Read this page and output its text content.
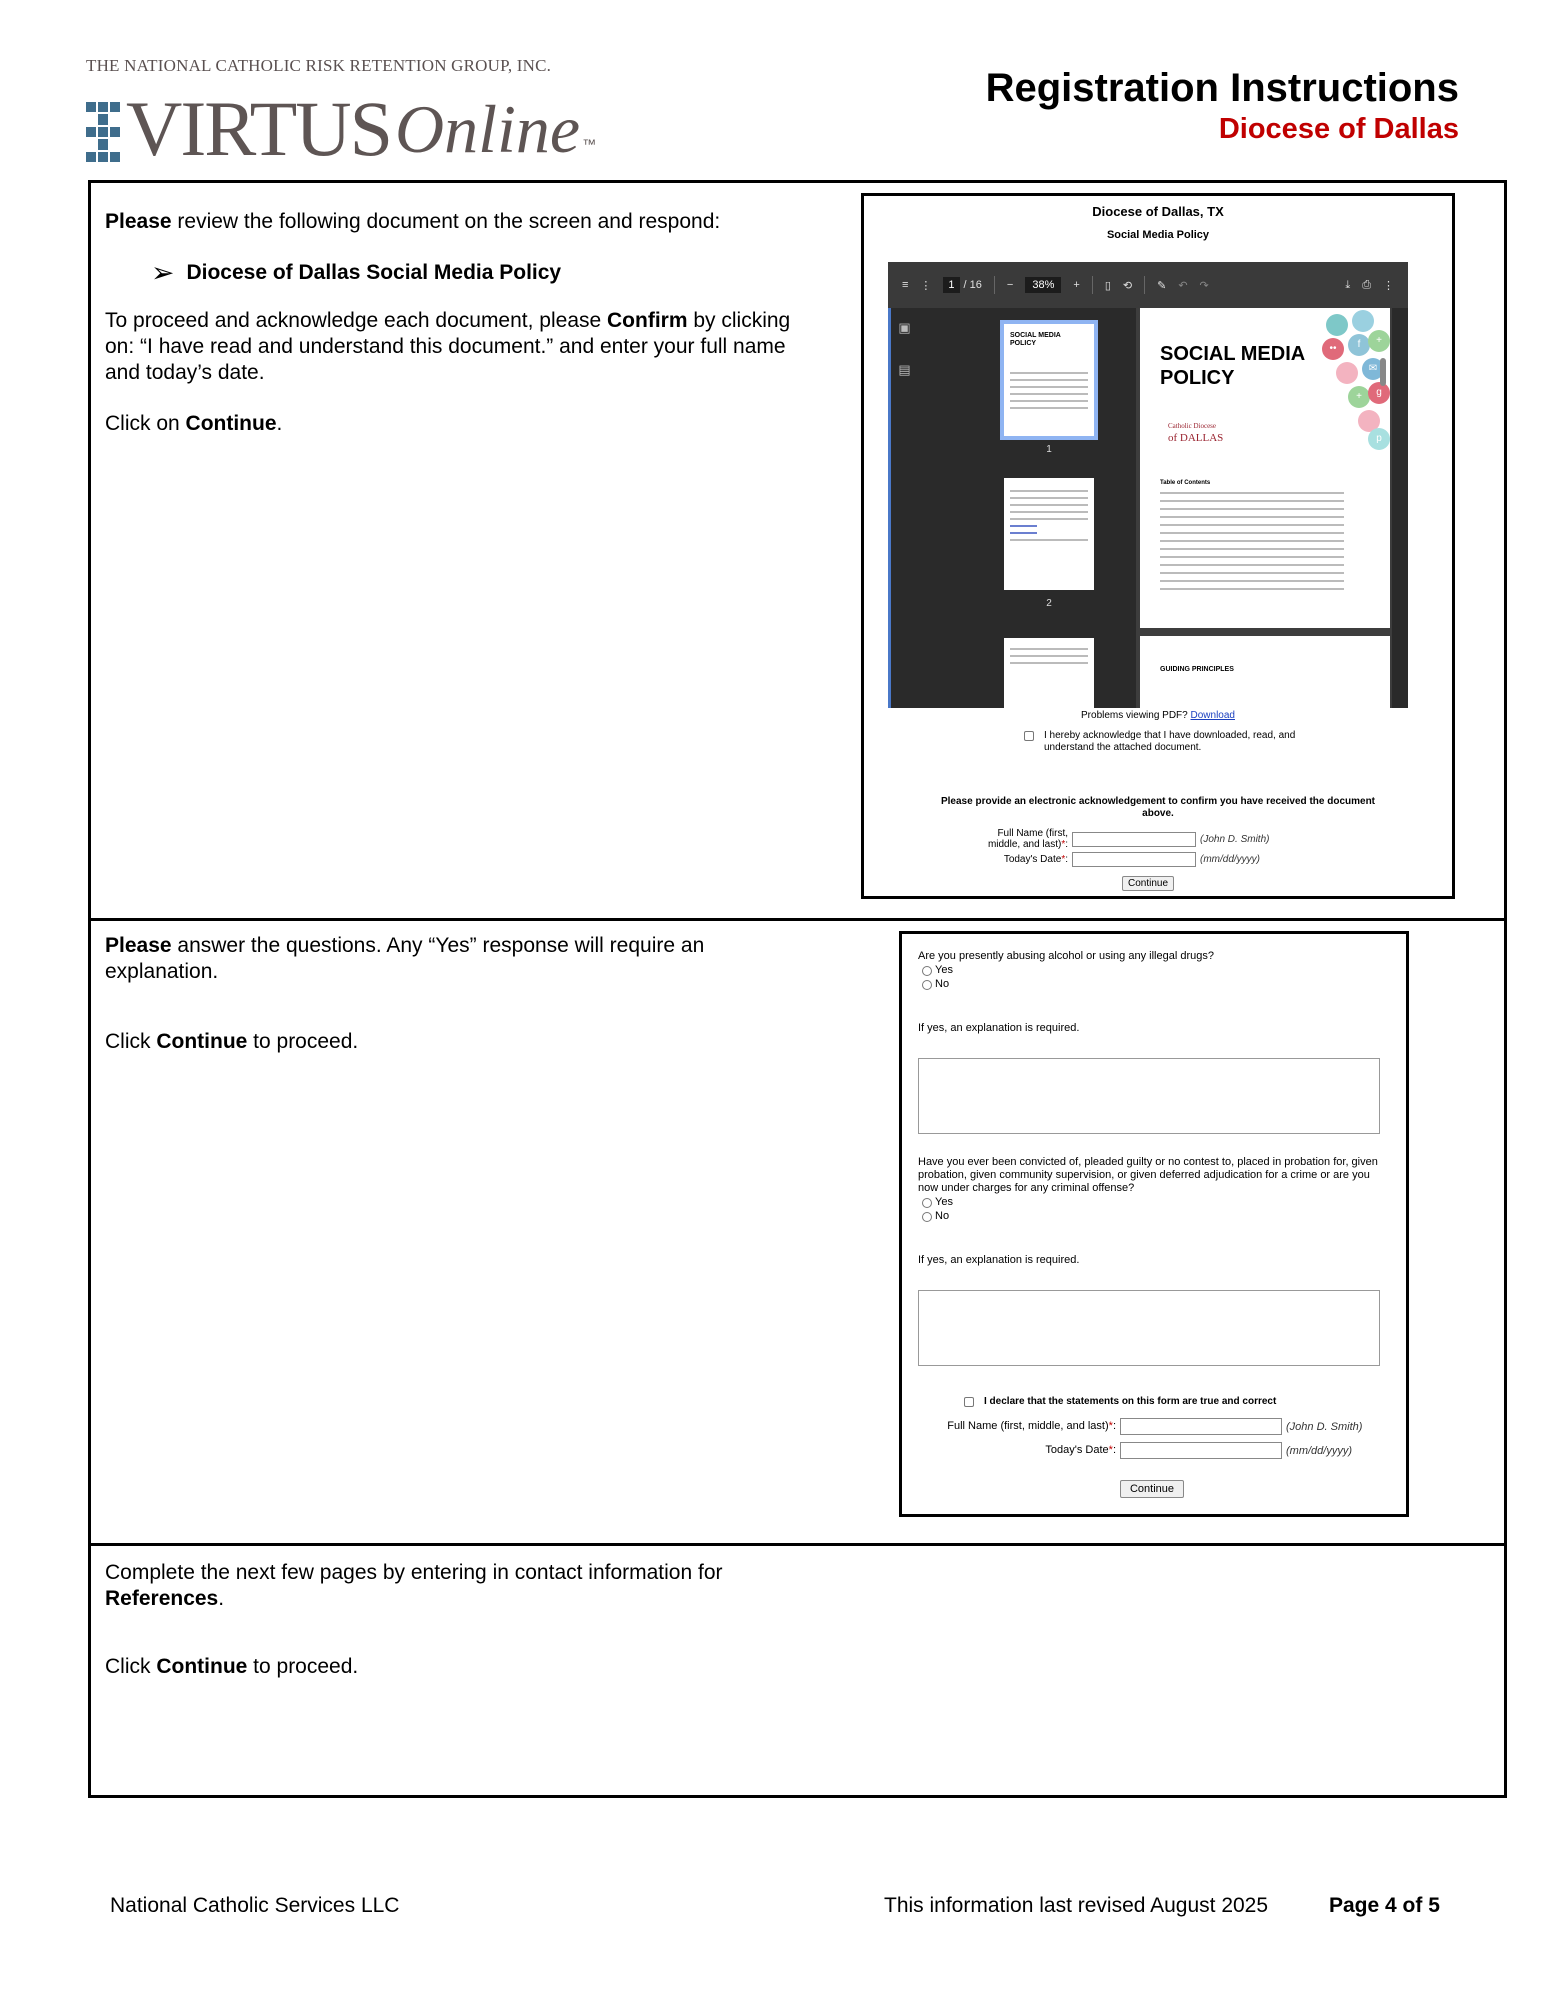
THE NATIONAL CATHOLIC RISK RETENTION GROUP, INC.
VIRTUS Online ™
Registration Instructions
Diocese of Dallas

Please review the following document on the screen and respond:

➢ Diocese of Dallas Social Media Policy

To proceed and acknowledge each document, please Confirm by clicking on: “I have read and understand this document.” and enter your full name and today’s date.

Click on Continue.

Diocese of Dallas, TX
Social Media Policy
≡ ⋮	1 / 16 −	38%	+ ▯ ⟲ ✎ ↶ ↷	⤓ ⎙ ⋮
▣
▤
SOCIAL MEDIA POLICY
1
2
••	f	+
✉
+	g
p
SOCIAL MEDIA
POLICY
Catholic Diocese
of DALLAS
Table of Contents
GUIDING PRINCIPLES
Problems viewing PDF? Download
I hereby acknowledge that I have downloaded, read, and understand the attached document.
Please provide an electronic acknowledgement to confirm you have received the document above.
Full Name (first, middle, and last)*:	(John D. Smith)
Today's Date*:	(mm/dd/yyyy)
Continue

Please answer the questions. Any “Yes” response will require an explanation.

Click Continue to proceed.

Are you presently abusing alcohol or using any illegal drugs?
Yes
No
If yes, an explanation is required.
Have you ever been convicted of, pleaded guilty or no contest to, placed in probation for, given probation, given community supervision, or given deferred adjudication for a crime or are you now under charges for any criminal offense?
Yes
No
If yes, an explanation is required.
I declare that the statements on this form are true and correct
Full Name (first, middle, and last)*:	(John D. Smith)
Today's Date*:	(mm/dd/yyyy)
Continue

Complete the next few pages by entering in contact information for References.

Click Continue to proceed.

National Catholic Services LLC	This information last revised August 2025	Page 4 of 5
